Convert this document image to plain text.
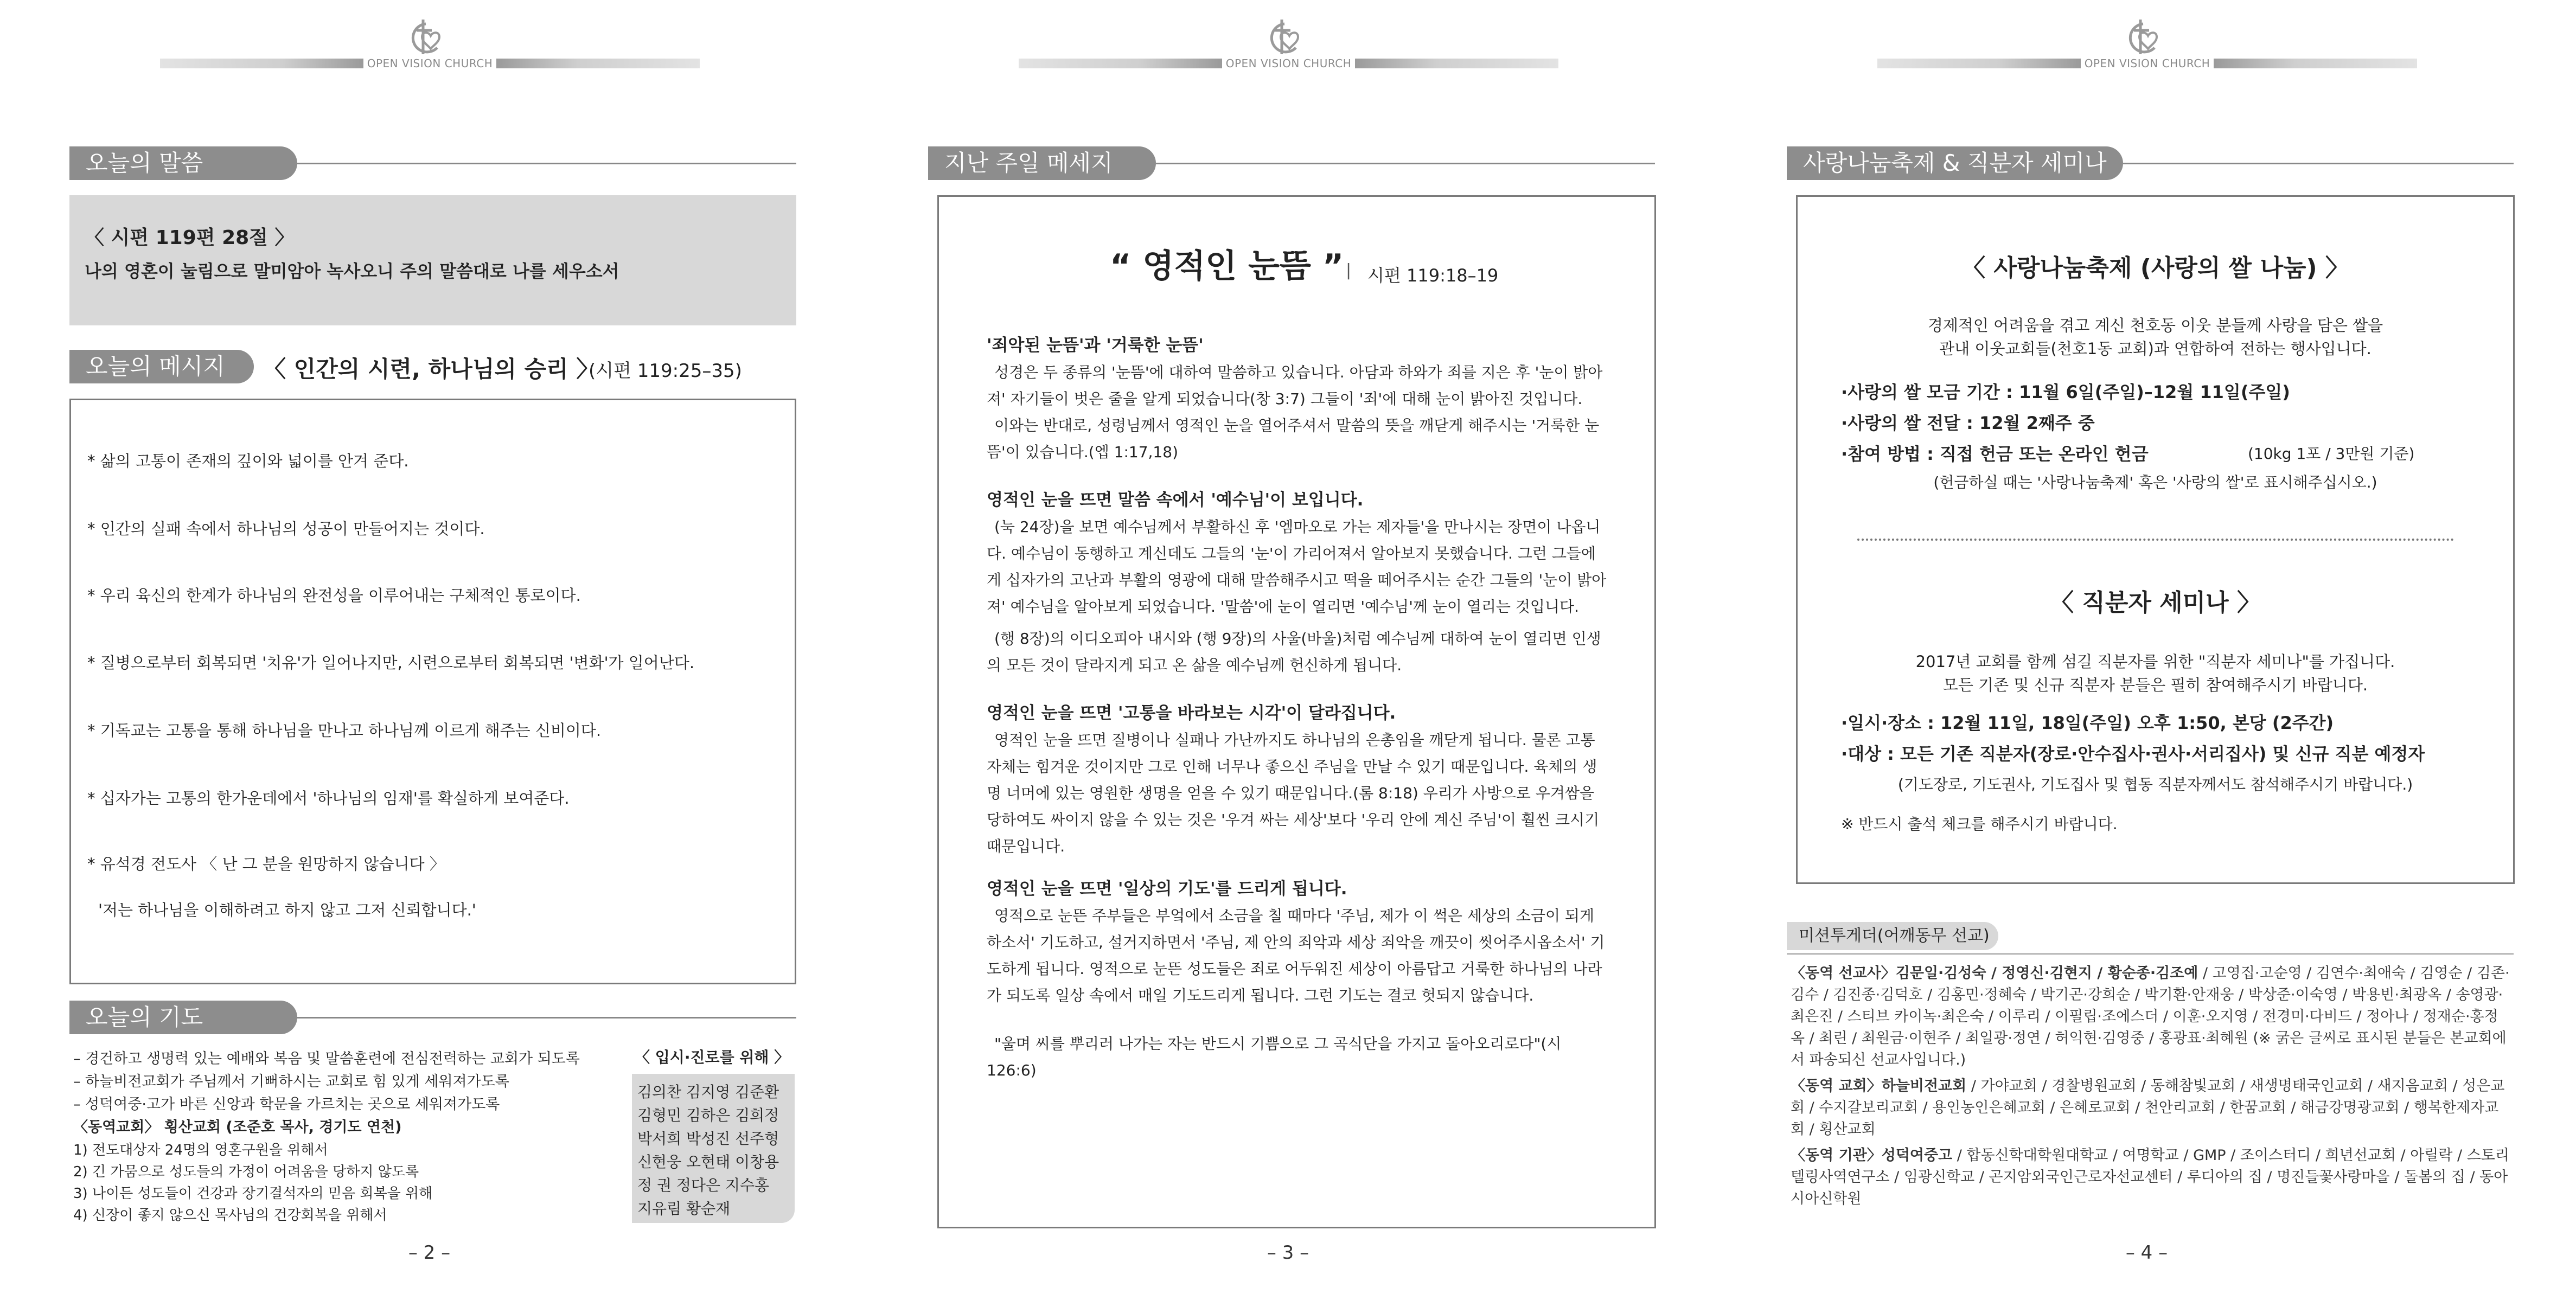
OPEN VISION CHURCH
오늘의 말씀
〈 시편 119편 28절 〉
나의 영혼이 눌림으로 말미암아 녹사오니 주의 말씀대로 나를 세우소서
오늘의 메시지	〈 인간의 시련, 하나님의 승리 〉
(시편 119:25–35)
* 삶의 고통이 존재의 깊이와 넓이를 안겨 준다.
* 인간의 실패 속에서 하나님의 성공이 만들어지는 것이다.
* 우리 육신의 한계가 하나님의 완전성을 이루어내는 구체적인 통로이다.
* 질병으로부터 회복되면 '치유'가 일어나지만, 시련으로부터 회복되면 '변화'가 일어난다.
* 기독교는 고통을 통해 하나님을 만나고 하나님께 이르게 해주는 신비이다.
* 십자가는 고통의 한가운데에서 '하나님의 임재'를 확실하게 보여준다.
* 유석경 전도사 〈 난 그 분을 원망하지 않습니다 〉
'저는 하나님을 이해하려고 하지 않고 그저 신뢰합니다.'
오늘의 기도
– 경건하고 생명력 있는 예배와 복음 및 말씀훈련에 전심전력하는 교회가 되도록
– 하늘비전교회가 주님께서 기뻐하시는 교회로 힘 있게 세워져가도록
– 성덕여중·고가 바른 신앙과 학문을 가르치는 곳으로 세워져가도록
〈동역교회〉 횡산교회 (조준호 목사, 경기도 연천)
1) 전도대상자 24명의 영혼구원을 위해서
2) 긴 가뭄으로 성도들의 가정이 어려움을 당하지 않도록
3) 나이든 성도들이 건강과 장기결석자의 믿음 회복을 위해
4) 신장이 좋지 않으신 목사님의 건강회복을 위해서
〈 입시·진로를 위해 〉
김의찬 김지영 김준환
김형민 김하은 김희정
박서희 박성진 선주형
신현웅 오현태 이창용
정 권 정다은 지수홍
지유림 황순재
– 2 –
OPEN VISION CHURCH
지난 주일 메세지
“ 영적인 눈뜸 ” | 시편 119:18–19
'죄악된 눈뜸'과 '거룩한 눈뜸'
성경은 두 종류의 '눈뜸'에 대하여 말씀하고 있습니다. 아담과 하와가 죄를 지은 후 '눈이 밝아져' 자기들이 벗은 줄을 알게 되었습니다(창 3:7) 그들이 '죄'에 대해 눈이 밝아진 것입니다.
이와는 반대로, 성령님께서 영적인 눈을 열어주셔서 말씀의 뜻을 깨닫게 해주시는 '거룩한 눈뜸'이 있습니다.(엡 1:17,18)
영적인 눈을 뜨면 말씀 속에서 '예수님'이 보입니다.
(눅 24장)을 보면 예수님께서 부활하신 후 '엠마오로 가는 제자들'을 만나시는 장면이 나옵니다. 예수님이 동행하고 계신데도 그들의 '눈'이 가리어져서 알아보지 못했습니다. 그런 그들에게 십자가의 고난과 부활의 영광에 대해 말씀해주시고 떡을 떼어주시는 순간 그들의 '눈이 밝아져' 예수님을 알아보게 되었습니다. '말씀'에 눈이 열리면 '예수님'께 눈이 열리는 것입니다.
(행 8장)의 이디오피아 내시와 (행 9장)의 사울(바울)처럼 예수님께 대하여 눈이 열리면 인생의 모든 것이 달라지게 되고 온 삶을 예수님께 헌신하게 됩니다.
영적인 눈을 뜨면 '고통을 바라보는 시각'이 달라집니다.
영적인 눈을 뜨면 질병이나 실패나 가난까지도 하나님의 은총임을 깨닫게 됩니다. 물론 고통 자체는 힘겨운 것이지만 그로 인해 너무나 좋으신 주님을 만날 수 있기 때문입니다. 육체의 생명 너머에 있는 영원한 생명을 얻을 수 있기 때문입니다.(롬 8:18) 우리가 사방으로 우겨쌈을 당하여도 싸이지 않을 수 있는 것은 '우겨 싸는 세상'보다 '우리 안에 계신 주님'이 훨씬 크시기 때문입니다.
영적인 눈을 뜨면 '일상의 기도'를 드리게 됩니다.
영적으로 눈뜬 주부들은 부엌에서 소금을 칠 때마다 '주님, 제가 이 썩은 세상의 소금이 되게 하소서' 기도하고, 설거지하면서 '주님, 제 안의 죄악과 세상 죄악을 깨끗이 씻어주시옵소서' 기도하게 됩니다. 영적으로 눈뜬 성도들은 죄로 어두워진 세상이 아름답고 거룩한 하나님의 나라가 되도록 일상 속에서 매일 기도드리게 됩니다. 그런 기도는 결코 헛되지 않습니다.
"울며 씨를 뿌리러 나가는 자는 반드시 기쁨으로 그 곡식단을 가지고 돌아오리로다"(시 126:6)
– 3 –
OPEN VISION CHURCH
사랑나눔축제 & 직분자 세미나
〈 사랑나눔축제 (사랑의 쌀 나눔) 〉
경제적인 어려움을 겪고 계신 천호동 이웃 분들께 사랑을 담은 쌀을
관내 이웃교회들(천호1동 교회)과 연합하여 전하는 행사입니다.
·사랑의 쌀 모금 기간 : 11월 6일(주일)–12월 11일(주일)
·사랑의 쌀 전달 : 12월 2째주 중
·참여 방법 : 직접 헌금 또는 온라인 헌금	(10kg 1포 / 3만원 기준)
(헌금하실 때는 '사랑나눔축제' 혹은 '사랑의 쌀'로 표시해주십시오.)
〈 직분자 세미나 〉
2017년 교회를 함께 섬길 직분자를 위한 "직분자 세미나"를 가집니다.
모든 기존 및 신규 직분자 분들은 필히 참여해주시기 바랍니다.
·일시·장소 : 12월 11일, 18일(주일) 오후 1:50, 본당 (2주간)
·대상 : 모든 기존 직분자(장로·안수집사·권사·서리집사) 및 신규 직분 예정자
(기도장로, 기도권사, 기도집사 및 협동 직분자께서도 참석해주시기 바랍니다.)
※ 반드시 출석 체크를 해주시기 바랍니다.
미션투게더(어깨동무 선교)
〈동역 선교사〉김문일·김성숙 / 정영신·김현지 / 황순종·김조예 / 고영집·고순영 / 김연수·최애숙 / 김영순 / 김존·김수 / 김진종·김덕호 / 김홍민·정혜숙 / 박기곤·강희순 / 박기환·안재웅 / 박상준·이숙영 / 박용빈·최광옥 / 송영광·최은진 / 스티브 카이녹·최은숙 / 이루리 / 이필립·조에스더 / 이훈·오지영 / 전경미·다비드 / 정아나 / 정재순·홍정옥 / 최린 / 최원금·이현주 / 최일광·정연 / 허익현·김영중 / 홍광표·최혜원 (※ 굵은 글씨로 표시된 분들은 본교회에서 파송되신 선교사입니다.)
〈동역 교회〉하늘비전교회 / 가야교회 / 경찰병원교회 / 동해참빛교회 / 새생명태국인교회 / 새지음교회 / 성은교회 / 수지갈보리교회 / 용인농인은혜교회 / 은혜로교회 / 천안리교회 / 한꿈교회 / 해금강명광교회 / 행복한제자교회 / 횡산교회
〈동역 기관〉성덕여중고 / 합동신학대학원대학교 / 여명학교 / GMP / 조이스터디 / 희년선교회 / 아릴락 / 스토리텔링사역연구소 / 임광신학교 / 곤지암외국인근로자선교센터 / 루디아의 집 / 명진들꽃사랑마을 / 돌봄의 집 / 동아시아신학원
– 4 –
